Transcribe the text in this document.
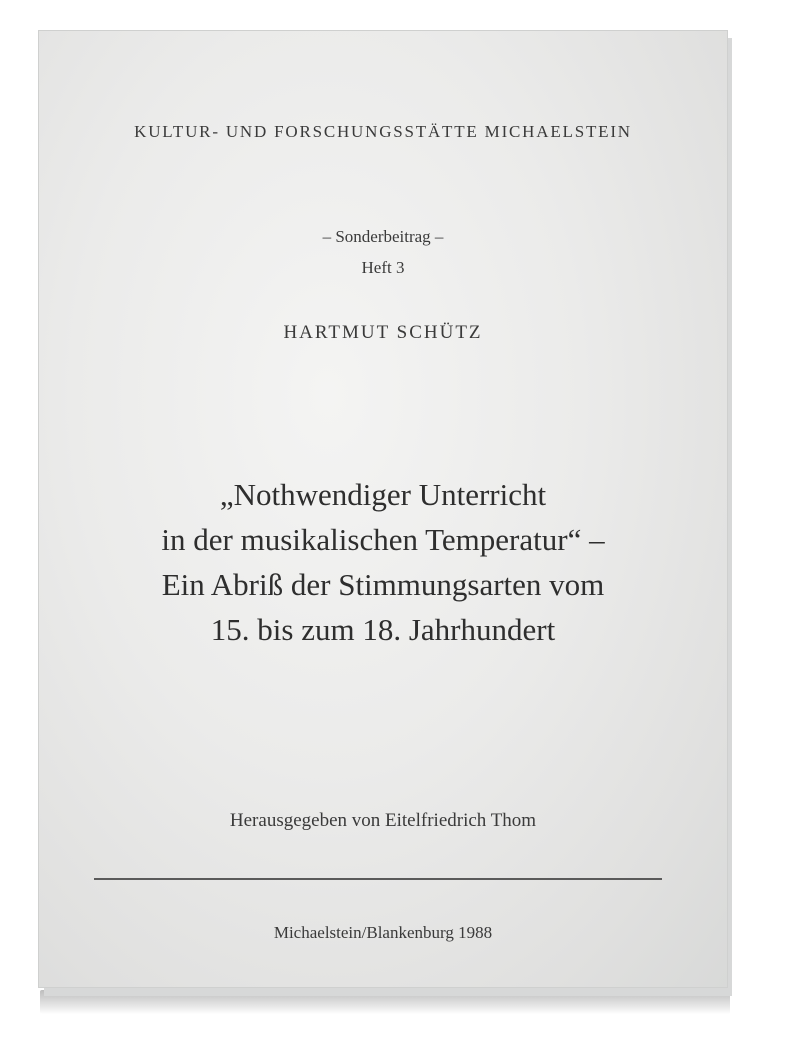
KULTUR- UND FORSCHUNGSSTÄTTE MICHAELSTEIN
– Sonderbeitrag –
Heft 3
HARTMUT SCHÜTZ
„Nothwendiger Unterricht
in der musikalischen Temperatur“ –
Ein Abriß der Stimmungsarten vom
15. bis zum 18. Jahrhundert
Herausgegeben von Eitelfriedrich Thom
Michaelstein/Blankenburg 1988
